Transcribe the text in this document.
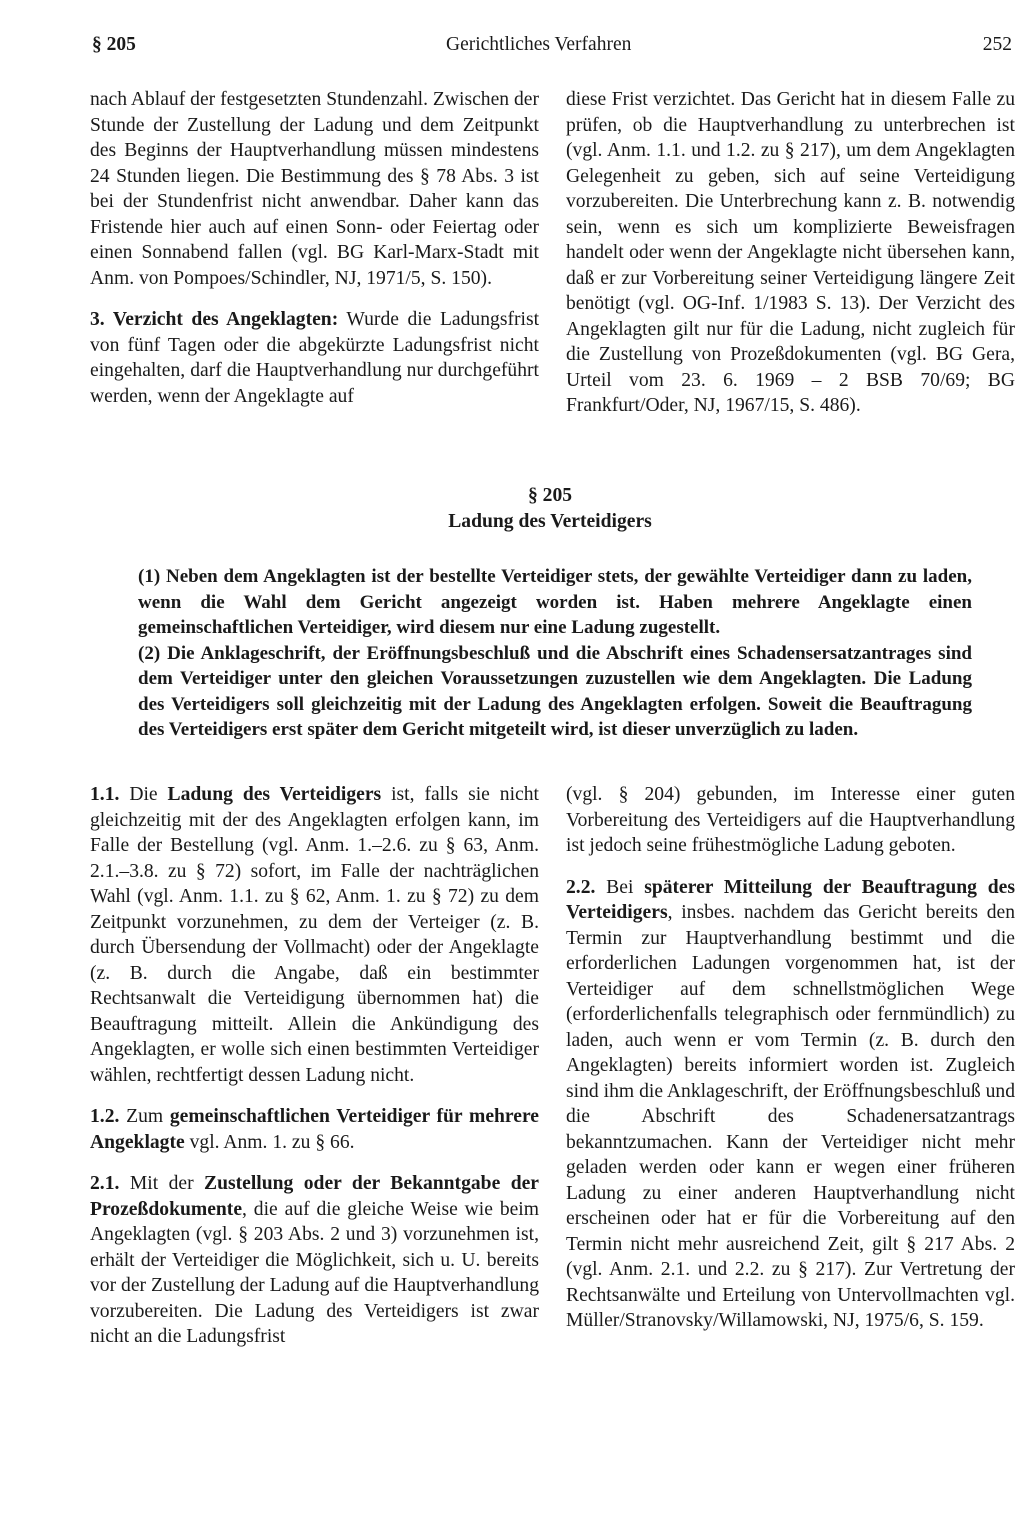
§ 205	Gerichtliches Verfahren	252

nach Ablauf der festgesetzten Stundenzahl. Zwischen der Stunde der Zustellung der Ladung und dem Zeitpunkt des Beginns der Hauptverhandlung müssen mindestens 24 Stunden liegen. Die Bestimmung des § 78 Abs. 3 ist bei der Stundenfrist nicht anwendbar. Daher kann das Fristende hier auch auf einen Sonn- oder Feiertag oder einen Sonnabend fallen (vgl. BG Karl-Marx-Stadt mit Anm. von Pompoes/Schindler, NJ, 1971/5, S. 150).

3. Verzicht des Angeklagten: Wurde die Ladungsfrist von fünf Tagen oder die abgekürzte Ladungsfrist nicht eingehalten, darf die Hauptverhandlung nur durchgeführt werden, wenn der Angeklagte auf

diese Frist verzichtet. Das Gericht hat in diesem Falle zu prüfen, ob die Hauptverhandlung zu unterbrechen ist (vgl. Anm. 1.1. und 1.2. zu § 217), um dem Angeklagten Gelegenheit zu geben, sich auf seine Verteidigung vorzubereiten. Die Unterbrechung kann z. B. notwendig sein, wenn es sich um komplizierte Beweisfragen handelt oder wenn der Angeklagte nicht übersehen kann, daß er zur Vorbereitung seiner Verteidigung längere Zeit benötigt (vgl. OG-Inf. 1/1983 S. 13). Der Verzicht des Angeklagten gilt nur für die Ladung, nicht zugleich für die Zustellung von Prozeßdokumenten (vgl. BG Gera, Urteil vom 23. 6. 1969 – 2 BSB 70/69; BG Frankfurt/Oder, NJ, 1967/15, S. 486).

§ 205
Ladung des Verteidigers

(1) Neben dem Angeklagten ist der bestellte Verteidiger stets, der gewählte Verteidiger dann zu laden, wenn die Wahl dem Gericht angezeigt worden ist. Haben mehrere Angeklagte einen gemeinschaftlichen Verteidiger, wird diesem nur eine Ladung zugestellt.

(2) Die Anklageschrift, der Eröffnungsbeschluß und die Abschrift eines Schadensersatzantrages sind dem Verteidiger unter den gleichen Voraussetzungen zuzustellen wie dem Angeklagten. Die Ladung des Verteidigers soll gleichzeitig mit der Ladung des Angeklagten erfolgen. Soweit die Beauftragung des Verteidigers erst später dem Gericht mitgeteilt wird, ist dieser unverzüglich zu laden.

1.1. Die Ladung des Verteidigers ist, falls sie nicht gleichzeitig mit der des Angeklagten erfolgen kann, im Falle der Bestellung (vgl. Anm. 1.–2.6. zu § 63, Anm. 2.1.–3.8. zu § 72) sofort, im Falle der nachträglichen Wahl (vgl. Anm. 1.1. zu § 62, Anm. 1. zu § 72) zu dem Zeitpunkt vorzunehmen, zu dem der Verteiger (z. B. durch Übersendung der Vollmacht) oder der Angeklagte (z. B. durch die Angabe, daß ein bestimmter Rechtsanwalt die Verteidigung übernommen hat) die Beauftragung mitteilt. Allein die Ankündigung des Angeklagten, er wolle sich einen bestimmten Verteidiger wählen, rechtfertigt dessen Ladung nicht.

1.2. Zum gemeinschaftlichen Verteidiger für mehrere Angeklagte vgl. Anm. 1. zu § 66.

2.1. Mit der Zustellung oder der Bekanntgabe der Prozeßdokumente, die auf die gleiche Weise wie beim Angeklagten (vgl. § 203 Abs. 2 und 3) vorzunehmen ist, erhält der Verteidiger die Möglichkeit, sich u. U. bereits vor der Zustellung der Ladung auf die Hauptverhandlung vorzubereiten. Die Ladung des Verteidigers ist zwar nicht an die Ladungsfrist

(vgl. § 204) gebunden, im Interesse einer guten Vorbereitung des Verteidigers auf die Hauptverhandlung ist jedoch seine frühestmögliche Ladung geboten.

2.2. Bei späterer Mitteilung der Beauftragung des Verteidigers, insbes. nachdem das Gericht bereits den Termin zur Hauptverhandlung bestimmt und die erforderlichen Ladungen vorgenommen hat, ist der Verteidiger auf dem schnellstmöglichen Wege (erforderlichenfalls telegraphisch oder fernmündlich) zu laden, auch wenn er vom Termin (z. B. durch den Angeklagten) bereits informiert worden ist. Zugleich sind ihm die Anklageschrift, der Eröffnungsbeschluß und die Abschrift des Schadenersatzantrags bekanntzumachen. Kann der Verteidiger nicht mehr geladen werden oder kann er wegen einer früheren Ladung zu einer anderen Hauptverhandlung nicht erscheinen oder hat er für die Vorbereitung auf den Termin nicht mehr ausreichend Zeit, gilt § 217 Abs. 2 (vgl. Anm. 2.1. und 2.2. zu § 217). Zur Vertretung der Rechtsanwälte und Erteilung von Untervollmachten vgl. Müller/Stranovsky/Willamowski, NJ, 1975/6, S. 159.
